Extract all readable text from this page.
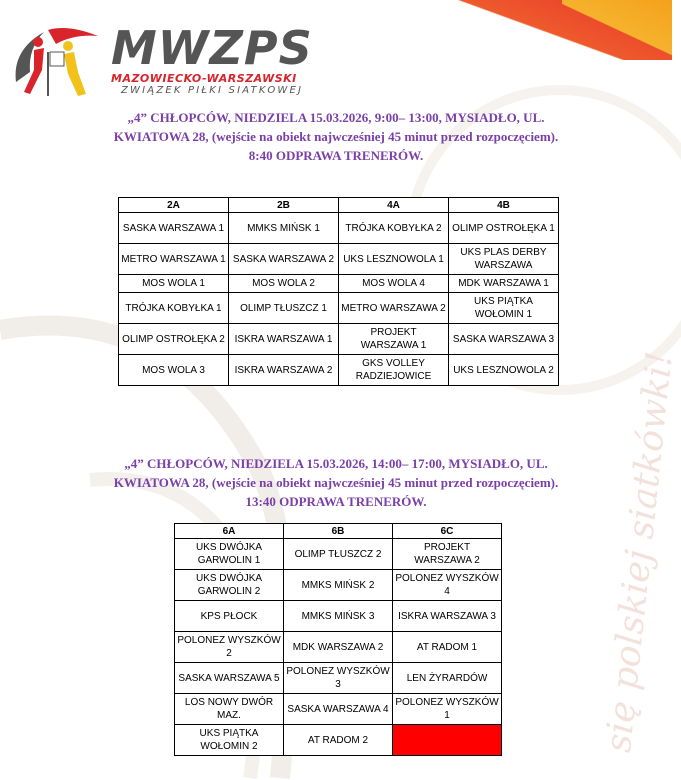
się polskiej siatkówki!
MWZPS
MAZOWIECKO-WARSZAWSKI
ZWIĄZEK PIŁKI SIATKOWEJ

„4” CHŁOPCÓW, NIEDZIELA 15.03.2026, 9:00– 13:00, MYSIADŁO, UL.

KWIATOWA 28, (wejście na obiekt najwcześniej 45 minut przed rozpoczęciem).

8:40 ODPRAWA TRENERÓW.

2A	2B	4A	4B
SASKA WARSZAWA 1	MMKS MIŃSK 1	TRÓJKA KOBYŁKA 2	OLIMP OSTROŁĘKA 1
METRO WARSZAWA 1	SASKA WARSZAWA 2	UKS LESZNOWOLA 1	UKS PLAS DERBY WARSZAWA
MOS WOLA 1	MOS WOLA 2	MOS WOLA 4	MDK WARSZAWA 1
TRÓJKA KOBYŁKA 1	OLIMP TŁUSZCZ 1	METRO WARSZAWA 2	UKS PIĄTKA WOŁOMIN 1
OLIMP OSTROŁĘKA 2	ISKRA WARSZAWA 1	PROJEKT WARSZAWA 1	SASKA WARSZAWA 3
MOS WOLA 3	ISKRA WARSZAWA 2	GKS VOLLEY RADZIEJOWICE	UKS LESZNOWOLA 2

„4” CHŁOPCÓW, NIEDZIELA 15.03.2026, 14:00– 17:00, MYSIADŁO, UL.

KWIATOWA 28, (wejście na obiekt najwcześniej 45 minut przed rozpoczęciem).

13:40 ODPRAWA TRENERÓW.

6A	6B	6C
UKS DWÓJKA GARWOLIN 1	OLIMP TŁUSZCZ 2	PROJEKT WARSZAWA 2
UKS DWÓJKA GARWOLIN 2	MMKS MIŃSK 2	POLONEZ WYSZKÓW 4
KPS PŁOCK	MMKS MIŃSK 3	ISKRA WARSZAWA 3
POLONEZ WYSZKÓW 2	MDK WARSZAWA 2	AT RADOM 1
SASKA WARSZAWA 5	POLONEZ WYSZKÓW 3	LEN ŻYRARDÓW
LOS NOWY DWÓR MAZ.	SASKA WARSZAWA 4	POLONEZ WYSZKÓW 1
UKS PIĄTKA WOŁOMIN 2	AT RADOM 2	
